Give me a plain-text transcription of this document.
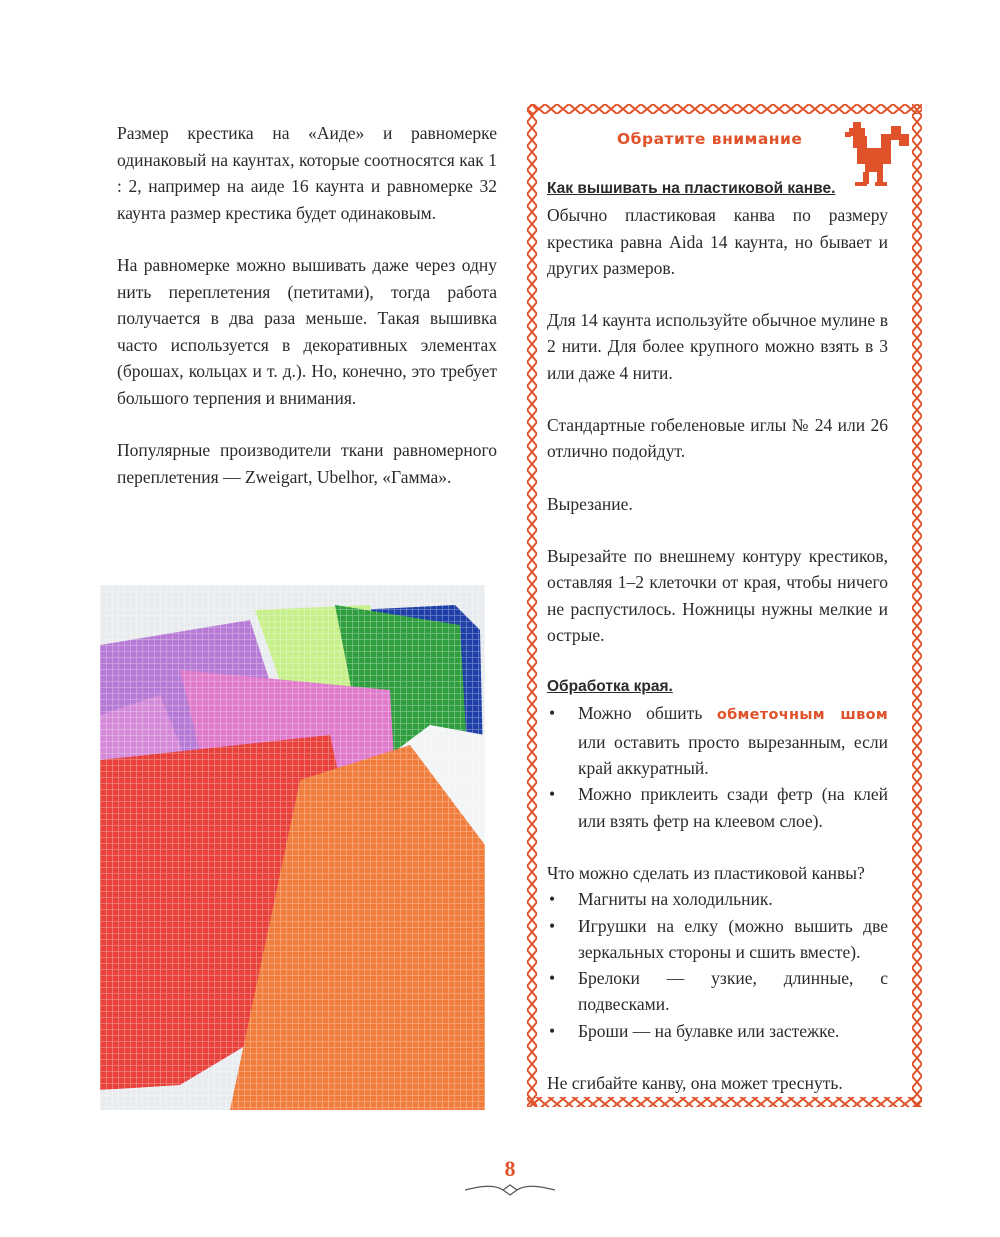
Размер крестика на «Аиде» и равномерке одинаковый на каунтах, которые соотносятся как 1 : 2, например на аиде 16 каунта и равномерке 32 каунта размер крестика будет одинаковым.

На равномерке можно вышивать даже через одну нить переплетения (петитами), тогда работа получается в два раза меньше. Такая вышивка часто используется в декоративных элементах (брошах, кольцах и т. д.). Но, конечно, это требует большого терпения и внимания.

Популярные производители ткани равномерного переплетения — Zweigart, Ubelhor, «Гамма».

Обратите внимание
Как вышивать на пластиковой канве.

Обычно пластиковая канва по размеру крестика равна Aida 14 каунта, но бывает и других размеров.

Для 14 каунта используйте обычное мулине в 2 нити. Для более крупного можно взять в 3 или даже 4 нити.

Стандартные гобеленовые иглы № 24 или 26 отлично подойдут.

Вырезание.

Вырезайте по внешнему контуру крестиков, оставляя 1–2 клеточки от края, чтобы ничего не распустилось. Ножницы нужны мелкие и острые.

Обработка края.
• Можно обшить обметочным швом или оставить просто вырезанным, если край аккуратный.
• Можно приклеить сзади фетр (на клей или взять фетр на клеевом слое).
Что можно сделать из пластиковой канвы?
• Магниты на холодильник.
• Игрушки на елку (можно вышить две зеркальных стороны и сшить вместе).
• Брелоки — узкие, длинные, с подвесками.
• Броши — на булавке или застежке.
Не сгибайте канву, она может треснуть.
8
